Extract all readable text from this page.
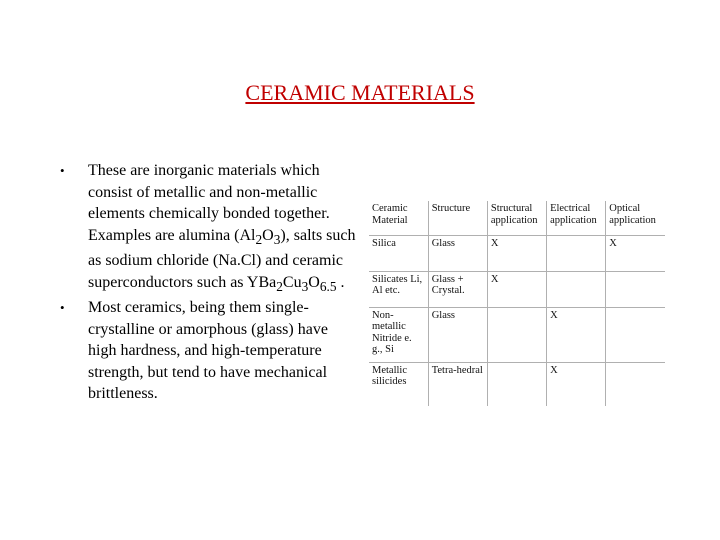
CERAMIC MATERIALS
• These are inorganic materials which consist of metallic and non-metallic elements chemically bonded together. Examples are alumina $(Al_2O_3)$, salts such as sodium chloride (Na.Cl) and ceramic superconductors such as $YBa_2Cu_3O_{6.5}$ .
• Most ceramics, being them single-crystalline or amorphous (glass) have high hardness, and high-temperature strength, but tend to have mechanical brittleness.
Ceramic Material	Structure	Structural application	Electrical application	Optical application
Silica	Glass	X		X
Silicates Li, Al etc.	Glass + Crystal.	X		
Non-metallic Nitride e. g., Si	Glass		X	
Metallic silicides	Tetra-hedral		X	
